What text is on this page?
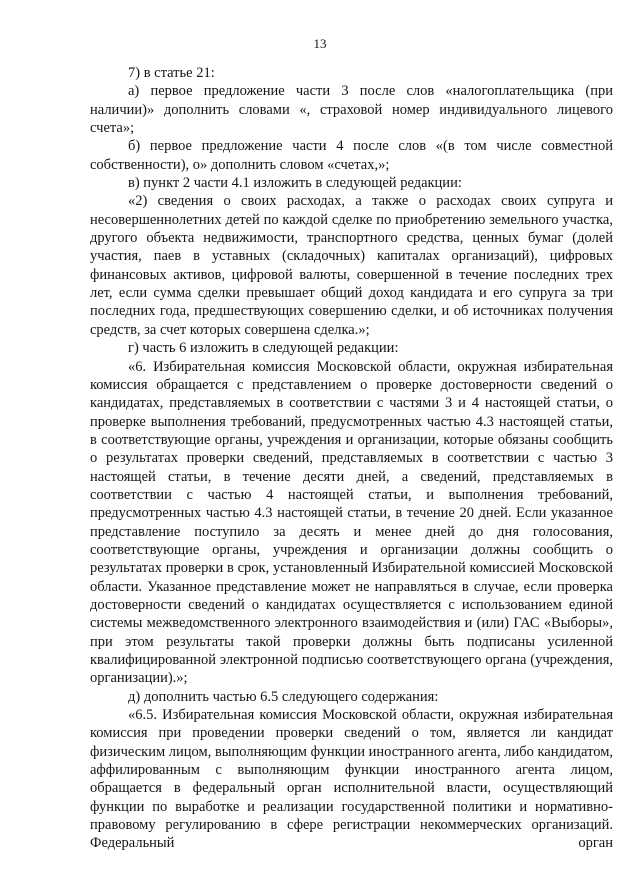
13

7) в статье 21:

а) первое предложение части 3 после слов «налогоплательщика (при наличии)» дополнить словами «, страховой номер индивидуального лицевого счета»;

б) первое предложение части 4 после слов «(в том числе совместной собственности), о» дополнить словом «счетах,»;

в) пункт 2 части 4.1 изложить в следующей редакции:

«2) сведения о своих расходах, а также о расходах своих супруга и несовершеннолетних детей по каждой сделке по приобретению земельного участка, другого объекта недвижимости, транспортного средства, ценных бумаг (долей участия, паев в уставных (складочных) капиталах организаций), цифровых финансовых активов, цифровой валюты, совершенной в течение последних трех лет, если сумма сделки превышает общий доход кандидата и его супруга за три последних года, предшествующих совершению сделки, и об источниках получения средств, за счет которых совершена сделка.»;

г) часть 6 изложить в следующей редакции:

«6. Избирательная комиссия Московской области, окружная избирательная комиссия обращается с представлением о проверке достоверности сведений о кандидатах, представляемых в соответствии с частями 3 и 4 настоящей статьи, о проверке выполнения требований, предусмотренных частью 4.3 настоящей статьи, в соответствующие органы, учреждения и организации, которые обязаны сообщить о результатах проверки сведений, представляемых в соответствии с частью 3 настоящей статьи, в течение десяти дней, а сведений, представляемых в соответствии с частью 4 настоящей статьи, и выполнения требований, предусмотренных частью 4.3 настоящей статьи, в течение 20 дней. Если указанное представление поступило за десять и менее дней до дня голосования, соответствующие органы, учреждения и организации должны сообщить о результатах проверки в срок, установленный Избирательной комиссией Московской области. Указанное представление может не направляться в случае, если проверка достоверности сведений о кандидатах осуществляется с использованием единой системы межведомственного электронного взаимодействия и (или) ГАС «Выборы», при этом результаты такой проверки должны быть подписаны усиленной квалифицированной электронной подписью соответствующего органа (учреждения, организации).»;

д) дополнить частью 6.5 следующего содержания:

«6.5. Избирательная комиссия Московской области, окружная избирательная комиссия при проведении проверки сведений о том, является ли кандидат физическим лицом, выполняющим функции иностранного агента, либо кандидатом, аффилированным с выполняющим функции иностранного агента лицом, обращается в федеральный орган исполнительной власти, осуществляющий функции по выработке и реализации государственной политики и нормативно-правовому регулированию в сфере регистрации некоммерческих организаций. Федеральный орган
